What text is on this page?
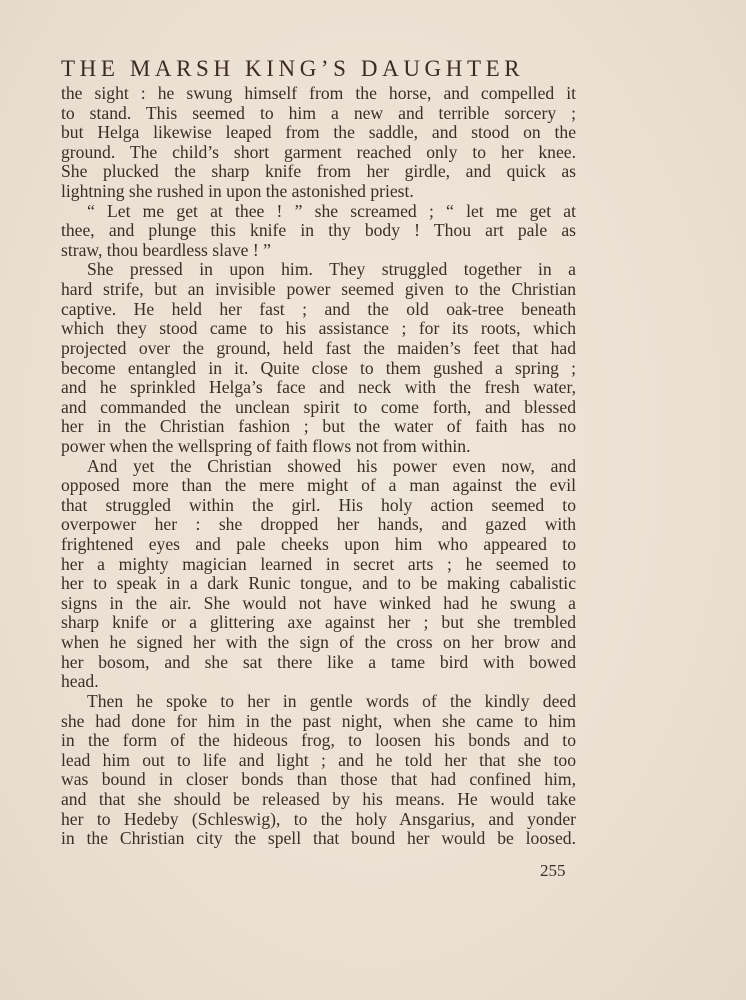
THE MARSH KING’S DAUGHTER
the sight : he swung himself from the horse, and compelled it
to stand. This seemed to him a new and terrible sorcery ;
but Helga likewise leaped from the saddle, and stood on the
ground. The child’s short garment reached only to her knee.
She plucked the sharp knife from her girdle, and quick as
lightning she rushed in upon the astonished priest.
“ Let me get at thee ! ” she screamed ; “ let me get at
thee, and plunge this knife in thy body ! Thou art pale as
straw, thou beardless slave ! ”
She pressed in upon him. They struggled together in a
hard strife, but an invisible power seemed given to the Christian
captive. He held her fast ; and the old oak-tree beneath
which they stood came to his assistance ; for its roots, which
projected over the ground, held fast the maiden’s feet that had
become entangled in it. Quite close to them gushed a spring ;
and he sprinkled Helga’s face and neck with the fresh water,
and commanded the unclean spirit to come forth, and blessed
her in the Christian fashion ; but the water of faith has no
power when the wellspring of faith flows not from within.
And yet the Christian showed his power even now, and
opposed more than the mere might of a man against the evil
that struggled within the girl. His holy action seemed to
overpower her : she dropped her hands, and gazed with
frightened eyes and pale cheeks upon him who appeared to
her a mighty magician learned in secret arts ; he seemed to
her to speak in a dark Runic tongue, and to be making cabalistic
signs in the air. She would not have winked had he swung a
sharp knife or a glittering axe against her ; but she trembled
when he signed her with the sign of the cross on her brow and
her bosom, and she sat there like a tame bird with bowed
head.
Then he spoke to her in gentle words of the kindly deed
she had done for him in the past night, when she came to him
in the form of the hideous frog, to loosen his bonds and to
lead him out to life and light ; and he told her that she too
was bound in closer bonds than those that had confined him,
and that she should be released by his means. He would take
her to Hedeby (Schleswig), to the holy Ansgarius, and yonder
in the Christian city the spell that bound her would be loosed.
255
